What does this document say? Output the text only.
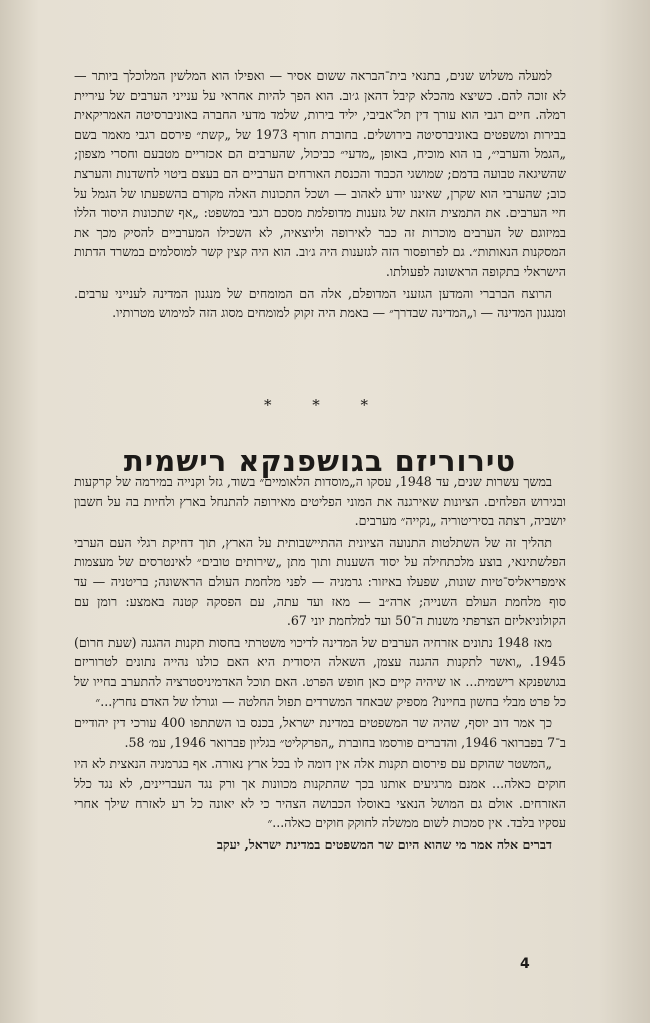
למעלה משלוש שנים, בתנאי בית־הבראה ששום אסיר — ואפילו הוא המלשין המלוכלך ביותר — לא זוכה להם. כשיצא מהכלא קיבל דהאן ג׳וב. הוא הפך להיות אחראי על ענייני הערבים של עיריית רמלה. חיים רגבי הוא עורך דין תל־אביבי, יליד בירות, שלמד מדעי החברה באוניברסיטה האמריקאית בבירות ומשפטים באוניברסיטה בירושלים. בחוברת חורף 1973 של „קשת״ פירסם רגבי מאמר בשם „הגמל והערבי״, בו הוא מוכיח, באופן „מדעי״ כביכול, שהערבים הם אכזריים מטבעם וחסרי מצפון; שהשיגאה טבועה בדמם; שמושגי הכבוד והכנסת האורחים הערביים הם בעצם ביטוי לחשדנות והערצת כוב; שהערבי הוא שקרן, שאיננו יודע לאהוב — ושכל התכונות האלה מקורם בהשפעתו של הגמל על חיי הערבים. את התמצית הזאת של גזענות מדופלמת מסכם רגבי במשפט: „אף שתכונות היסוד הללו במיזוגם של הערבים מוכרות זה כבר לאירופה וליוצאיה, לא השכילו המערביים להסיק מכך את המסקנות הנאותות״. גם לפרופסור הזה לגזענות היה ג׳וב. הוא היה קצין קשר למוסלמים במשרד הדתות הישראלי בתקופה הראשונה לפעולתו.

הרוצח הברברי והמדען הגזעני המדופלם, אלה הם המומחים של מנגנון המדינה לענייני ערבים. ומנגנון המדינה — ו„המדינה שבדרך״ — באמת היה זקוק למומחים מסוג הזה למימוש מטרותיו.

* * *
טירוריזם בגושפנקא רישמית

במשך עשרות שנים, עד 1948, עסקו ה„מוסדות הלאומיים״ בשוד, גזל וקנייה במירמה של קרקעות ובגירוש הפלחים. הציונות שאירגנה את המוני הפליטים מאירופה להתנחל בארץ ולחיות בה על חשבון יושביה, רצתה בסיריטוריה „נקייה״ מערבים.

תהליך זה של השתלטות התנועה הציונית ההתיישבותית על הארץ, תוך דחיקת רגלי העם הערבי הפלשתינאי, בוצע מלכתחילה על יסוד השענות ותוך מתן „שירותים טובים״ לאינטרסים של מעצמות אימפריאליס־טיות שונות, שפעלו באיזור: גרמניה — לפני מלחמת העולם הראשונה; בריטניה — עד סוף מלחמת העולם השנייה; ארה״ב — מאז ועד עתה, עם הפסקה קטנה באמצע: רומן עם הקולוניאליזם הצרפתי משנות ה־50 ועד למלחמת יוני 67.

מאז 1948 נתונים אזרחיה הערבים של המדינה לדיכוי משטרתי בחסות תקנות ההגנה (שעת חרום) 1945. „ואשר לתקנות ההגנה עצמן, השאלה היסודית היא האם כולנו נהייה נתונים לטרוריזם בגושפנקא רישמית... או שיהיה קיים כאן חופש הפרט. האם תוכל האדמיניסטרציה להתערב בחייו של כל פרט מבלי בחשון בחיינו? מספיק שבאחד המשרדים תפול החלטה — וגורלו של האדם נחרץ...״

כך אמר דוב יוסף, שהיה שר המשפטים במדינת ישראל, בכנס בו השתתפו 400 עורכי דין יהודיים ב־7 בפברואר 1946, והדברים פורסמו בחוברת „הפרקליט״ בגליון פברואר 1946, עמ׳ 58.

„המשטר שהוקם עם פירסום תקנות אלה אין דומה לו בכל ארץ נאורה. אף בגרמניה הנאצית לא היו חוקים כאלה... אמנם מרגיעים אותנו בכך שהתקנות מכוונות אך ורק נגד העבריינים, לא נגד כלל האזרחים. אולם גם המושל הנאצי באוסלו הכבושה הצהיר כי לא יאונה כל רע לאזרח שילך אחרי עסקיו בלבד. אין סמכות לשום ממשלה לחוקק חוקים כאלה...״

דברים אלה אמר מי שהוא היום שר המשפטים במדינת ישראל, יעקב

4
